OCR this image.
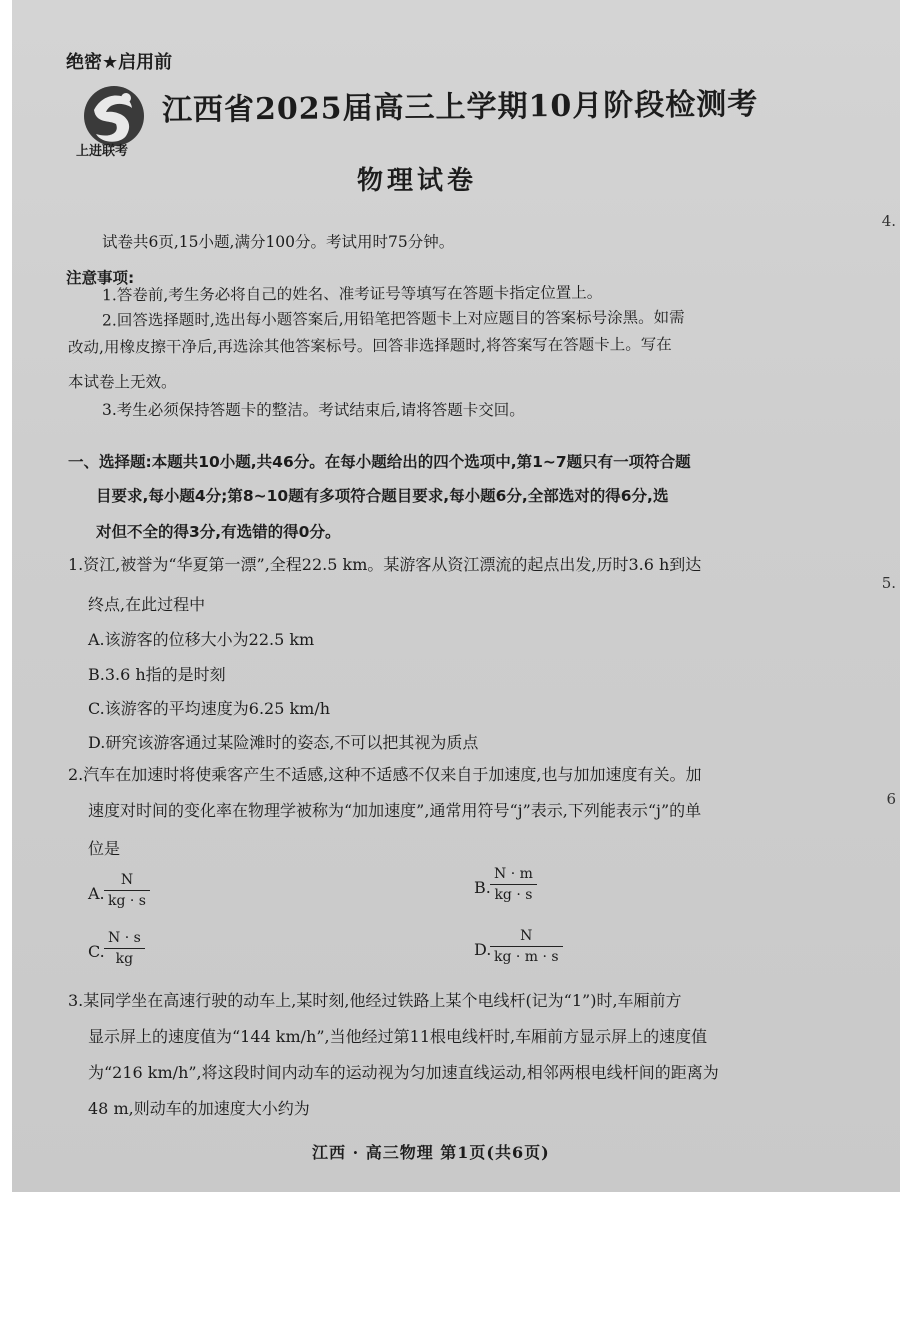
绝密★启用前
上进联考
江西省2025届高三上学期10月阶段检测考
物理试卷
试卷共6页,15小题,满分100分。考试用时75分钟。
注意事项:
1.答卷前,考生务必将自己的姓名、准考证号等填写在答题卡指定位置上。
2.回答选择题时,选出每小题答案后,用铅笔把答题卡上对应题目的答案标号涂黑。如需
改动,用橡皮擦干净后,再选涂其他答案标号。回答非选择题时,将答案写在答题卡上。写在
本试卷上无效。
3.考生必须保持答题卡的整洁。考试结束后,请将答题卡交回。
一、选择题:本题共10小题,共46分。在每小题给出的四个选项中,第1~7题只有一项符合题
目要求,每小题4分;第8~10题有多项符合题目要求,每小题6分,全部选对的得6分,选
对但不全的得3分,有选错的得0分。
1.资江,被誉为“华夏第一漂”,全程22.5 km。某游客从资江漂流的起点出发,历时3.6 h到达
终点,在此过程中
A.该游客的位移大小为22.5 km
B.3.6 h指的是时刻
C.该游客的平均速度为6.25 km/h
D.研究该游客通过某险滩时的姿态,不可以把其视为质点
2.汽车在加速时将使乘客产生不适感,这种不适感不仅来自于加速度,也与加加速度有关。加
速度对时间的变化率在物理学被称为“加加速度”,通常用符号“j”表示,下列能表示“j”的单
位是
A. $\frac{N}{kg \cdot s}$	B. $\frac{N \cdot m}{kg \cdot s}$
C. $\frac{N \cdot s}{kg}$	D.
$\frac{N}{kg \cdot m \cdot s}$
3.某同学坐在高速行驶的动车上,某时刻,他经过铁路上某个电线杆(记为“1”)时,车厢前方
显示屏上的速度值为“144 km/h”,当他经过第11根电线杆时,车厢前方显示屏上的速度值
为“216 km/h”,将这段时间内动车的运动视为匀加速直线运动,相邻两根电线杆间的距离为
48 m,则动车的加速度大小约为
江西 · 高三物理 第1页(共6页)
4.
5.
6
